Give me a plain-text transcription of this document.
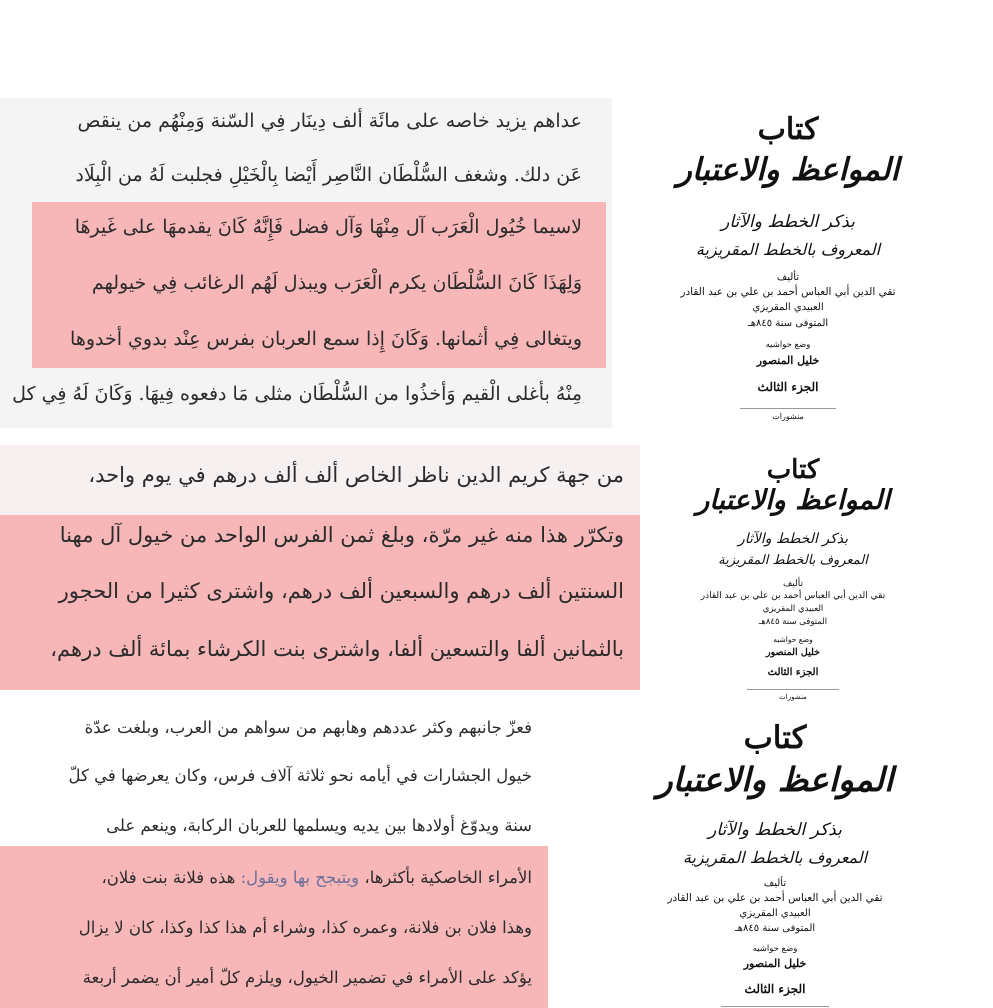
عداهم يزيد خاصه على مائَة ألف دِينَار فِي السّنة وَمِنْهُم من ينقص
عَن دلك. وشغف السُّلْطَان النَّاصِر أَيْضا بِالْخَيْلِ فجلبت لَهُ من الْبِلَاد
لاسيما خُيُول الْعَرَب آل مِنْهَا وَآل فضل فَإِنَّهُ كَانَ يقدمهَا على غَيرهَا
وَلِهَذَا كَانَ السُّلْطَان يكرم الْعَرَب ويبذل لَهُم الرغائب فِي خيولهم
ويتغالى فِي أثمانها. وَكَانَ إِذا سمع العربان بفرس عِنْد بدوي أخدوها
مِنْهُ بأغلى الْقيم وَأخذُوا من السُّلْطَان مثلى مَا دفعوه فِيهَا. وَكَانَ لَهُ فِي كل
من جهة كريم الدين ناظر الخاص ألف ألف درهم في يوم واحد،
وتكرّر هذا منه غير مرّة، وبلغ ثمن الفرس الواحد من خيول آل مهنا
السنتين ألف درهم والسبعين ألف درهم، واشترى كثيرا من الحجور
بالثمانين ألفا والتسعين ألفا، واشترى بنت الكرشاء بمائة ألف درهم،
فعزّ جانبهم وكثر عددهم وهابهم من سواهم من العرب، وبلغت عدّة
خيول الجشارات في أيامه نحو ثلاثة آلاف فرس، وكان يعرضها في كلّ
سنة ويدوّغ أولادها بين يديه ويسلمها للعربان الركابة، وينعم على
الأمراء الخاصكية بأكثرها، ويتبجح بها ويقول: هذه فلانة بنت فلان،
وهذا فلان بن فلانة، وعمره كذا، وشراء أم هذا كذا وكذا، كان لا يزال
يؤكد على الأمراء في تضمير الخيول، ويلزم كلّ أمير أن يضمر أربعة
كتاب
المواعظ والاعتبار
بذكر الخطط والآثار
المعروف بالخطط المقريزية
تأليف
تقي الدين أبي العباس أحمد بن علي بن عبد القادر
العبيدي المقريزي
المتوفى سنة ٨٤٥هـ
وضع حواشيه
خليل المنصور
الجزء الثالث
منشورات
كتاب
المواعظ والاعتبار
بذكر الخطط والآثار
المعروف بالخطط المقريزية
تأليف
تقي الدين أبي العباس أحمد بن علي بن عبد القادر
العبيدي المقريزي
المتوفى سنة ٨٤٥هـ
وضع حواشيه
خليل المنصور
الجزء الثالث
منشورات
كتاب
المواعظ والاعتبار
بذكر الخطط والآثار
المعروف بالخطط المقريزية
تأليف
تقي الدين أبي العباس أحمد بن علي بن عبد القادر
العبيدي المقريزي
المتوفى سنة ٨٤٥هـ
وضع حواشيه
خليل المنصور
الجزء الثالث
